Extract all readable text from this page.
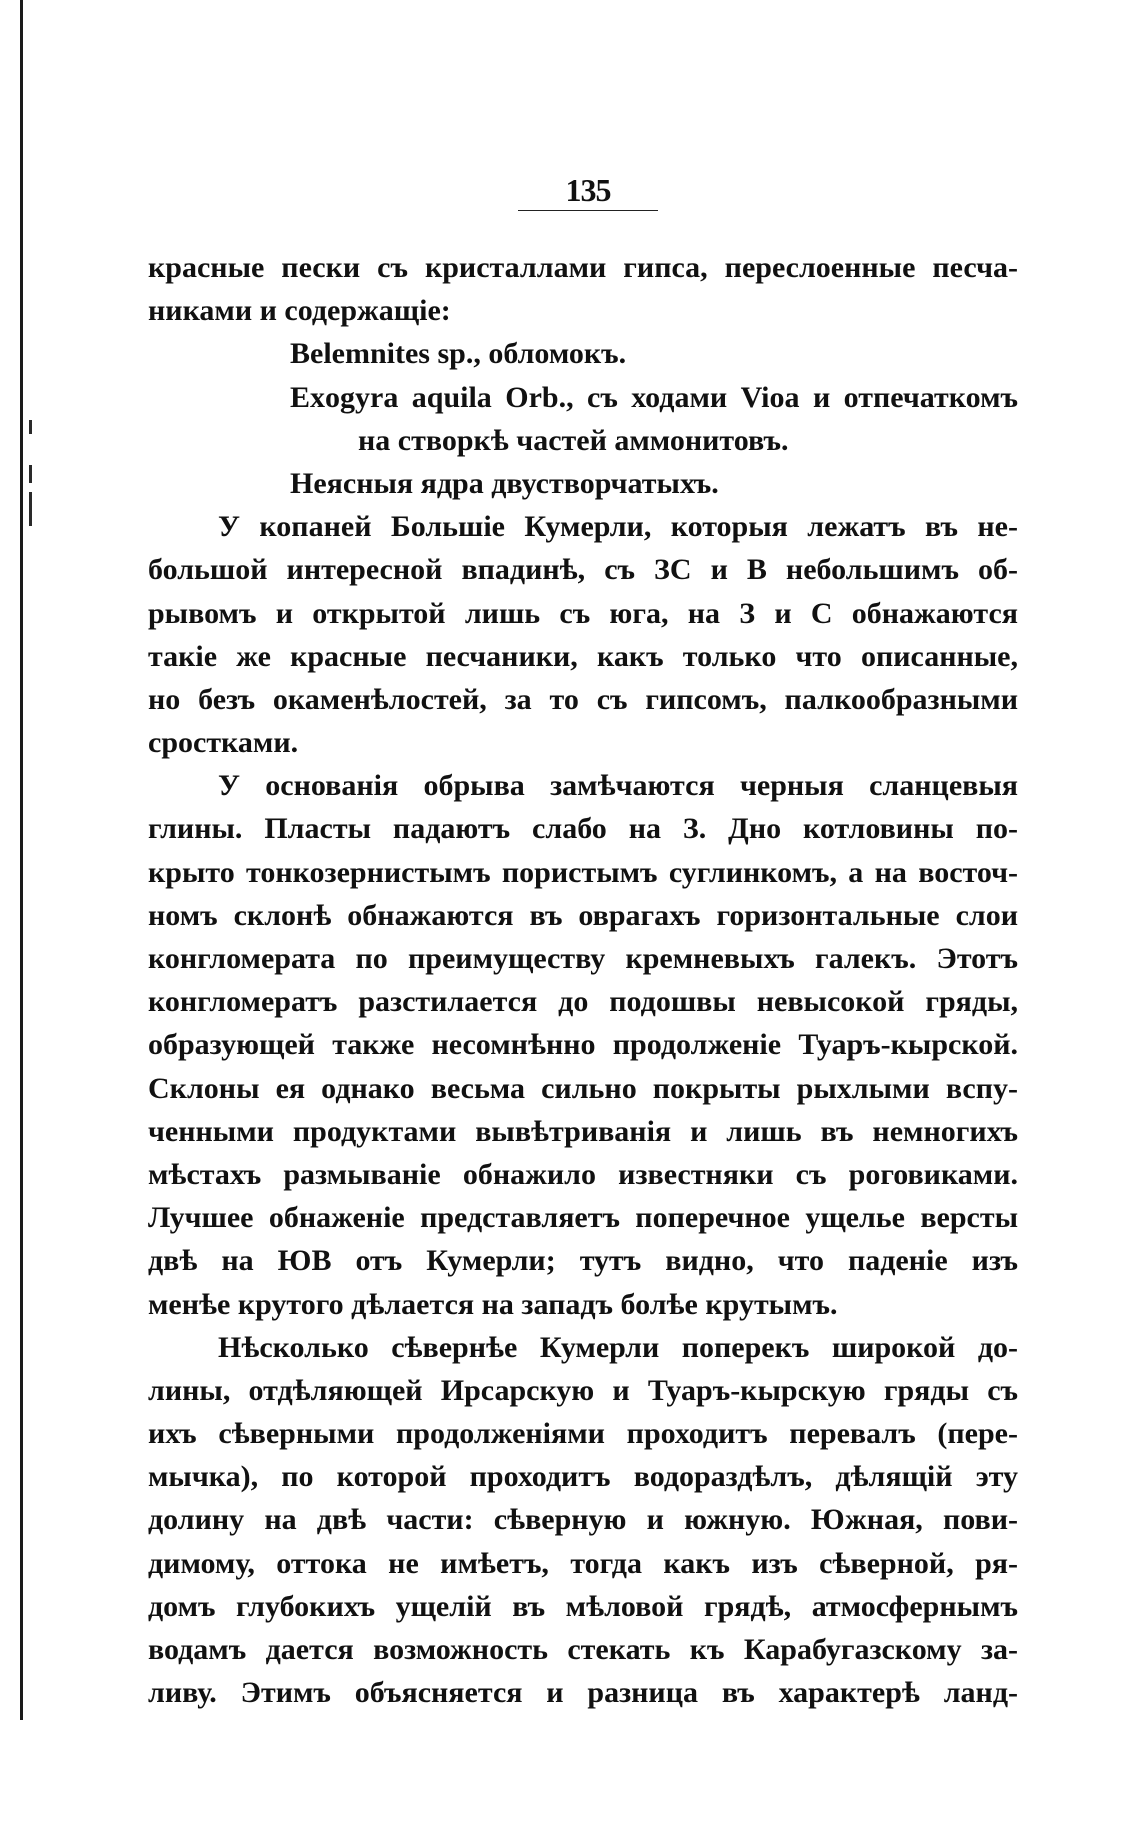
135
красные пески съ кристаллами гипса, переслоенные песча-
никами и содержащіе:
Belemnites sp., обломокъ.
Exogyra aquila Orb., съ ходами Vioa и отпечаткомъ
на створкѣ частей аммонитовъ.
Неясныя ядра двустворчатыхъ.
У копаней Большіе Кумерли, которыя лежатъ въ не-
большой интересной впадинѣ, съ ЗС и В небольшимъ об-
рывомъ и открытой лишь съ юга, на З и С обнажаются
такіе же красные песчаники, какъ только что описанные,
но безъ окаменѣлостей, за то съ гипсомъ, палкообразными
сростками.
У основанія обрыва замѣчаются черныя сланцевыя
глины. Пласты падаютъ слабо на З. Дно котловины по-
крыто тонкозернистымъ пористымъ суглинкомъ, а на восточ-
номъ склонѣ обнажаются въ оврагахъ горизонтальные слои
конгломерата по преимуществу кремневыхъ галекъ. Этотъ
конгломератъ разстилается до подошвы невысокой гряды,
образующей также несомнѣнно продолженіе Туаръ-кырской.
Склоны ея однако весьма сильно покрыты рыхлыми вспу-
ченными продуктами вывѣтриванія и лишь въ немногихъ
мѣстахъ размываніе обнажило известняки съ роговиками.
Лучшее обнаженіе представляетъ поперечное ущелье версты
двѣ на ЮВ отъ Кумерли; тутъ видно, что паденіе изъ
менѣе крутого дѣлается на западъ болѣе крутымъ.
Нѣсколько сѣвернѣе Кумерли поперекъ широкой до-
лины, отдѣляющей Ирсарскую и Туаръ-кырскую гряды съ
ихъ сѣверными продолженіями проходитъ перевалъ (пере-
мычка), по которой проходитъ водораздѣлъ, дѣлящій эту
долину на двѣ части: сѣверную и южную. Южная, пови-
димому, оттока не имѣетъ, тогда какъ изъ сѣверной, ря-
домъ глубокихъ ущелій въ мѣловой грядѣ, атмосфернымъ
водамъ дается возможность стекать къ Карабугазскому за-
ливу. Этимъ объясняется и разница въ характерѣ ланд-
